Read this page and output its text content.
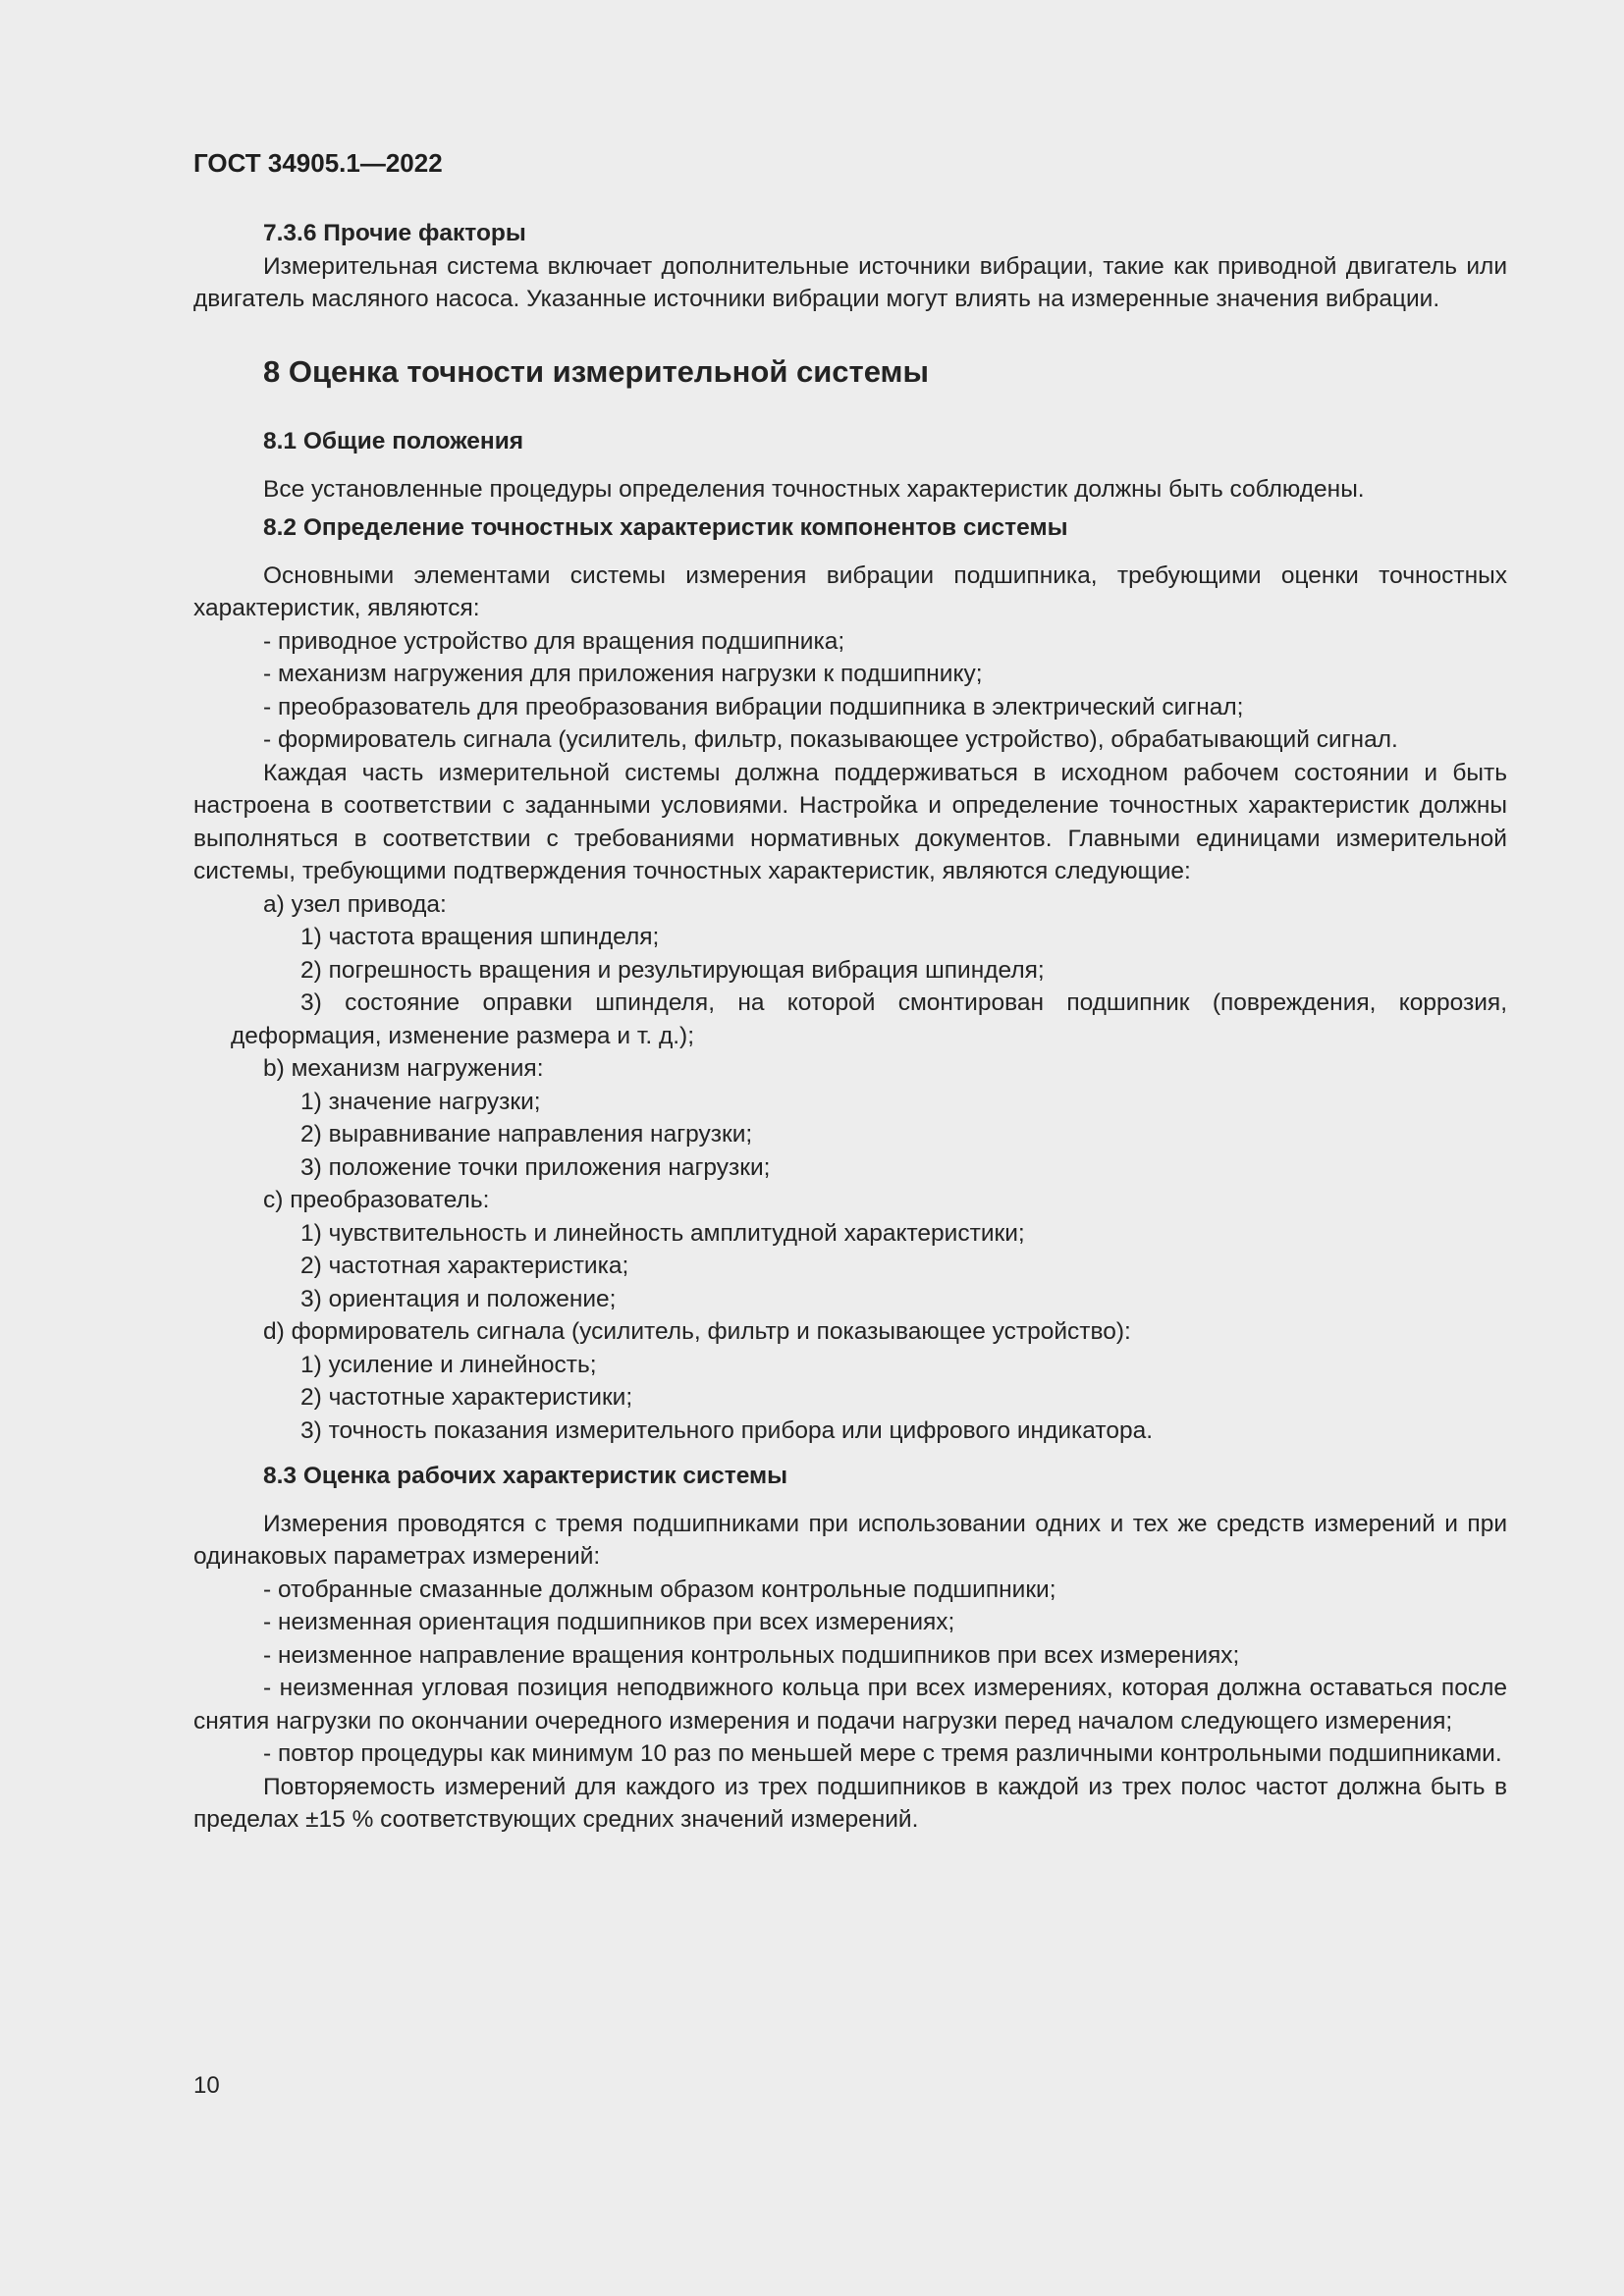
ГОСТ 34905.1—2022

7.3.6 Прочие факторы

Измерительная система включает дополнительные источники вибрации, такие как приводной двигатель или двигатель масляного насоса. Указанные источники вибрации могут влиять на измеренные значения вибрации.

8 Оценка точности измерительной системы

8.1 Общие положения

Все установленные процедуры определения точностных характеристик должны быть соблюдены.

8.2 Определение точностных характеристик компонентов системы

Основными элементами системы измерения вибрации подшипника, требующими оценки точностных характеристик, являются:

- приводное устройство для вращения подшипника;

- механизм нагружения для приложения нагрузки к подшипнику;

- преобразователь для преобразования вибрации подшипника в электрический сигнал;

- формирователь сигнала (усилитель, фильтр, показывающее устройство), обрабатывающий сигнал.

Каждая часть измерительной системы должна поддерживаться в исходном рабочем состоянии и быть настроена в соответствии с заданными условиями. Настройка и определение точностных характеристик должны выполняться в соответствии с требованиями нормативных документов. Главными единицами измерительной системы, требующими подтверждения точностных характеристик, являются следующие:

a) узел привода:

1) частота вращения шпинделя;

2) погрешность вращения и результирующая вибрация шпинделя;

3) состояние оправки шпинделя, на которой смонтирован подшипник (повреждения, коррозия, деформация, изменение размера и т. д.);

b) механизм нагружения:

1) значение нагрузки;

2) выравнивание направления нагрузки;

3) положение точки приложения нагрузки;

c) преобразователь:

1) чувствительность и линейность амплитудной характеристики;

2) частотная характеристика;

3) ориентация и положение;

d) формирователь сигнала (усилитель, фильтр и показывающее устройство):

1) усиление и линейность;

2) частотные характеристики;

3) точность показания измерительного прибора или цифрового индикатора.

8.3 Оценка рабочих характеристик системы

Измерения проводятся с тремя подшипниками при использовании одних и тех же средств измерений и при одинаковых параметрах измерений:

- отобранные смазанные должным образом контрольные подшипники;

- неизменная ориентация подшипников при всех измерениях;

- неизменное направление вращения контрольных подшипников при всех измерениях;

- неизменная угловая позиция неподвижного кольца при всех измерениях, которая должна оставаться после снятия нагрузки по окончании очередного измерения и подачи нагрузки перед началом следующего измерения;

- повтор процедуры как минимум 10 раз по меньшей мере с тремя различными контрольными подшипниками.

Повторяемость измерений для каждого из трех подшипников в каждой из трех полос частот должна быть в пределах ±15 % соответствующих средних значений измерений.

10
